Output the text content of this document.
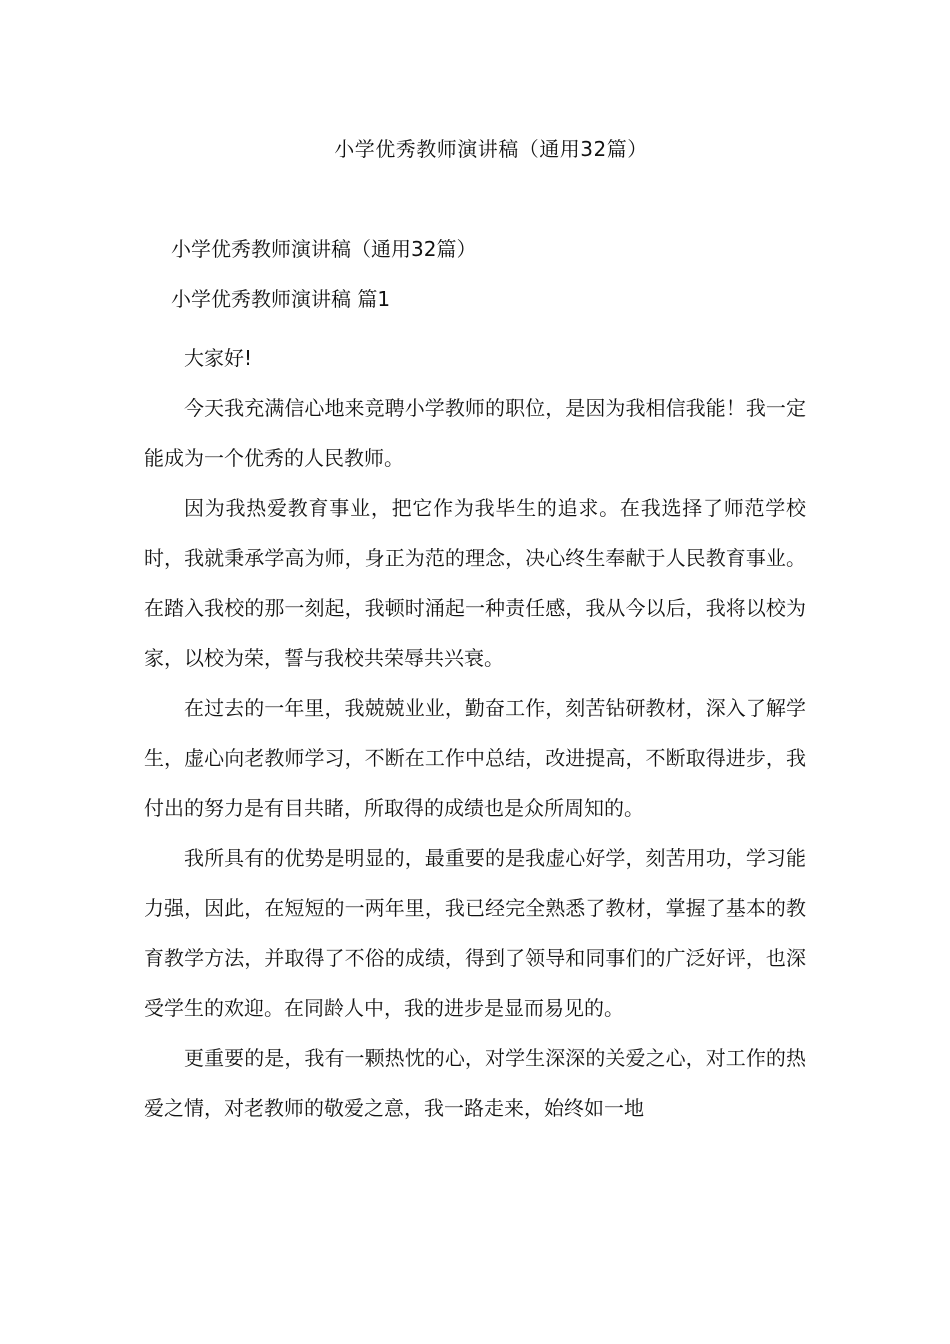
小学优秀教师演讲稿（通用32篇）
小学优秀教师演讲稿（通用32篇）
小学优秀教师演讲稿 篇1

大家好!

今天我充满信心地来竞聘小学教师的职位，是因为我相信我能！我一定能成为一个优秀的人民教师。

因为我热爱教育事业，把它作为我毕生的追求。在我选择了师范学校时，我就秉承学高为师，身正为范的理念，决心终生奉献于人民教育事业。在踏入我校的那一刻起，我顿时涌起一种责任感，我从今以后，我将以校为家，以校为荣，誓与我校共荣辱共兴衰。

在过去的一年里，我兢兢业业，勤奋工作，刻苦钻研教材，深入了解学生，虚心向老教师学习，不断在工作中总结，改进提高，不断取得进步，我付出的努力是有目共睹，所取得的成绩也是众所周知的。

我所具有的优势是明显的，最重要的是我虚心好学，刻苦用功，学习能力强，因此，在短短的一两年里，我已经完全熟悉了教材，掌握了基本的教育教学方法，并取得了不俗的成绩，得到了领导和同事们的广泛好评，也深受学生的欢迎。在同龄人中，我的进步是显而易见的。

更重要的是，我有一颗热忱的心，对学生深深的关爱之心，对工作的热爱之情，对老教师的敬爱之意，我一路走来，始终如一地
